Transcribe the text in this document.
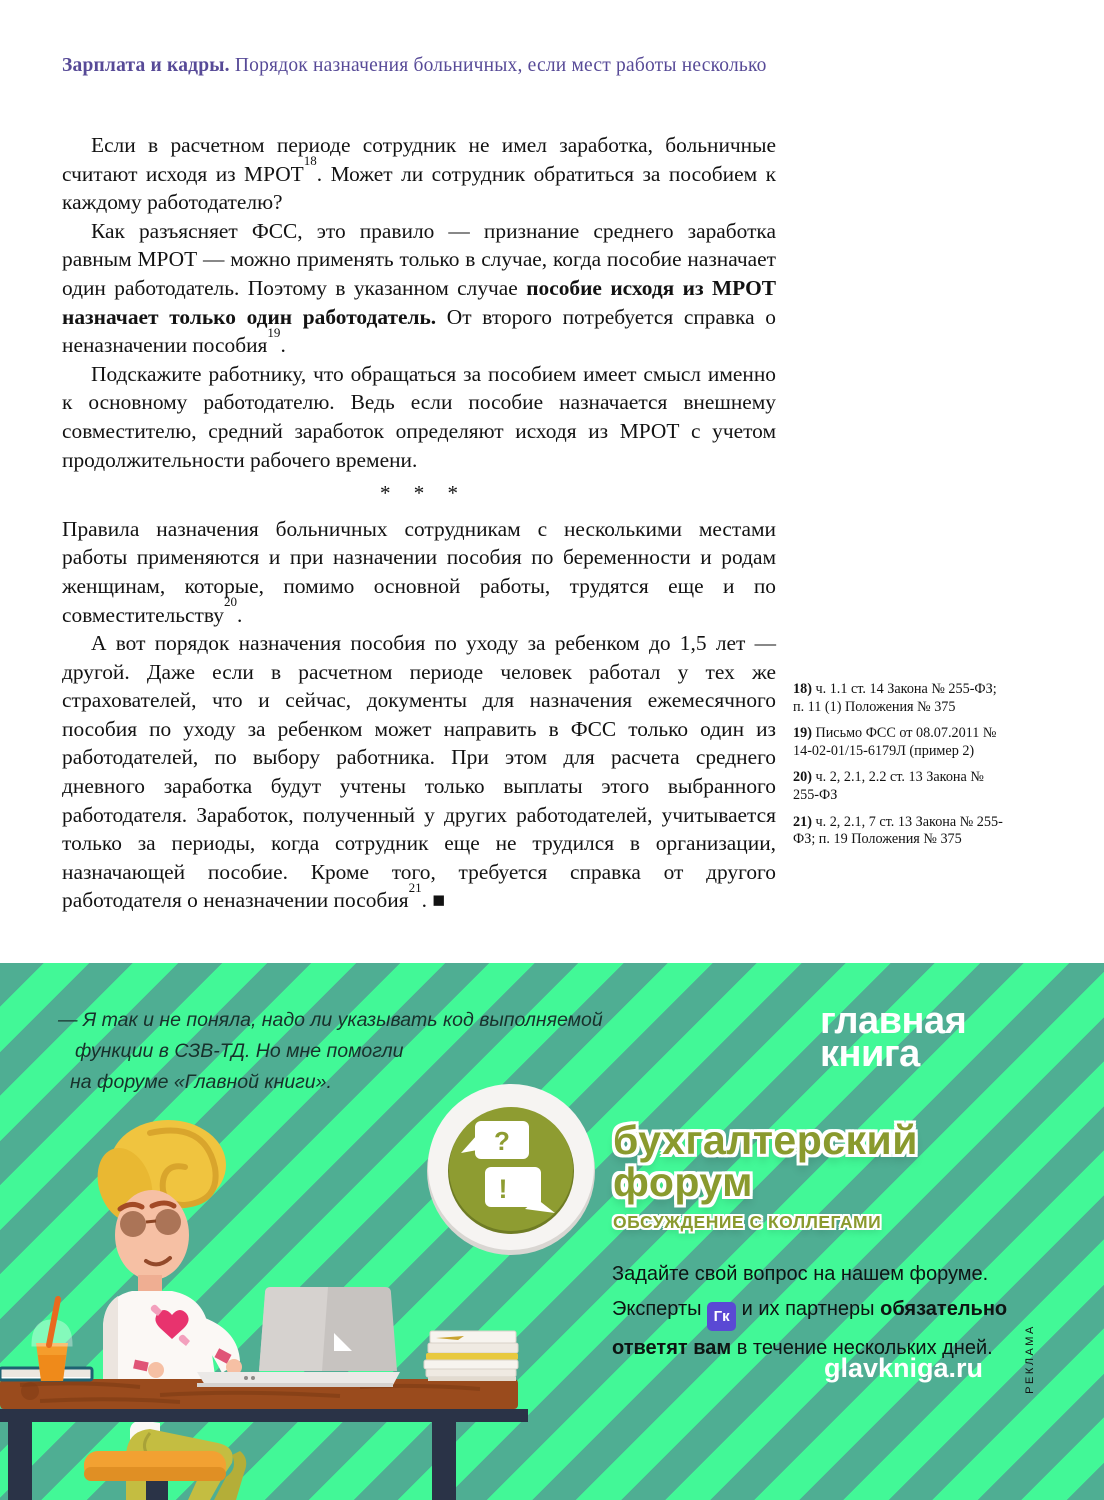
Зарплата и кадры. Порядок назначения больничных, если мест работы несколько

Если в расчетном периоде сотрудник не имел заработка, больничные считают исходя из МРОТ$^{18}$. Может ли сотрудник обратиться за пособием к каждому работодателю?

Как разъясняет ФСС, это правило — признание среднего заработка равным МРОТ — можно применять только в случае, когда пособие назначает один работодатель. Поэтому в указанном случае пособие исходя из МРОТ назначает только один работодатель. От второго потребуется справка о неназначении пособия$^{19}$.

Подскажите работнику, что обращаться за пособием имеет смысл именно к основному работодателю. Ведь если пособие назначается внешнему совместителю, средний заработок определяют исходя из МРОТ с учетом продолжительности рабочего времени.

* * *

Правила назначения больничных сотрудникам с несколькими местами работы применяются и при назначении пособия по беременности и родам женщинам, которые, помимо основной работы, трудятся еще и по совместительству$^{20}$.

А вот порядок назначения пособия по уходу за ребенком до 1,5 лет — другой. Даже если в расчетном периоде человек работал у тех же страхователей, что и сейчас, документы для назначения ежемесячного пособия по уходу за ребенком может направить в ФСС только один из работодателей, по выбору работника. При этом для расчета среднего дневного заработка будут учтены только выплаты этого выбранного работодателя. Заработок, полученный у других работодателей, учитывается только за периоды, когда сотрудник еще не трудился в организации, назначающей пособие. Кроме того, требуется справка от другого работодателя о неназначении пособия$^{21}$. ■

18) ч. 1.1 ст. 14 Закона № 255-ФЗ; п. 11 (1) Положения № 375
19) Письмо ФСС от 08.07.2011 № 14-02-01/15-6179Л (пример 2)
20) ч. 2, 2.1, 2.2 ст. 13 Закона № 255-ФЗ
21) ч. 2, 2.1, 7 ст. 13 Закона № 255-ФЗ; п. 19 Положения № 375
— Я так и не поняла, надо ли указывать код выполняемой
функции в СЗВ-ТД. Но мне помогли
на форуме «Главной книги».
главная
книга
?
!
бухгалтерский
форум
ОБСУЖДЕНИЕ С КОЛЛЕГАМИ
Задайте свой вопрос на нашем форуме.
Эксперты Гк и их партнеры обязательно
ответят вам в течение нескольких дней.
glavkniga.ru	РЕКЛАМА
